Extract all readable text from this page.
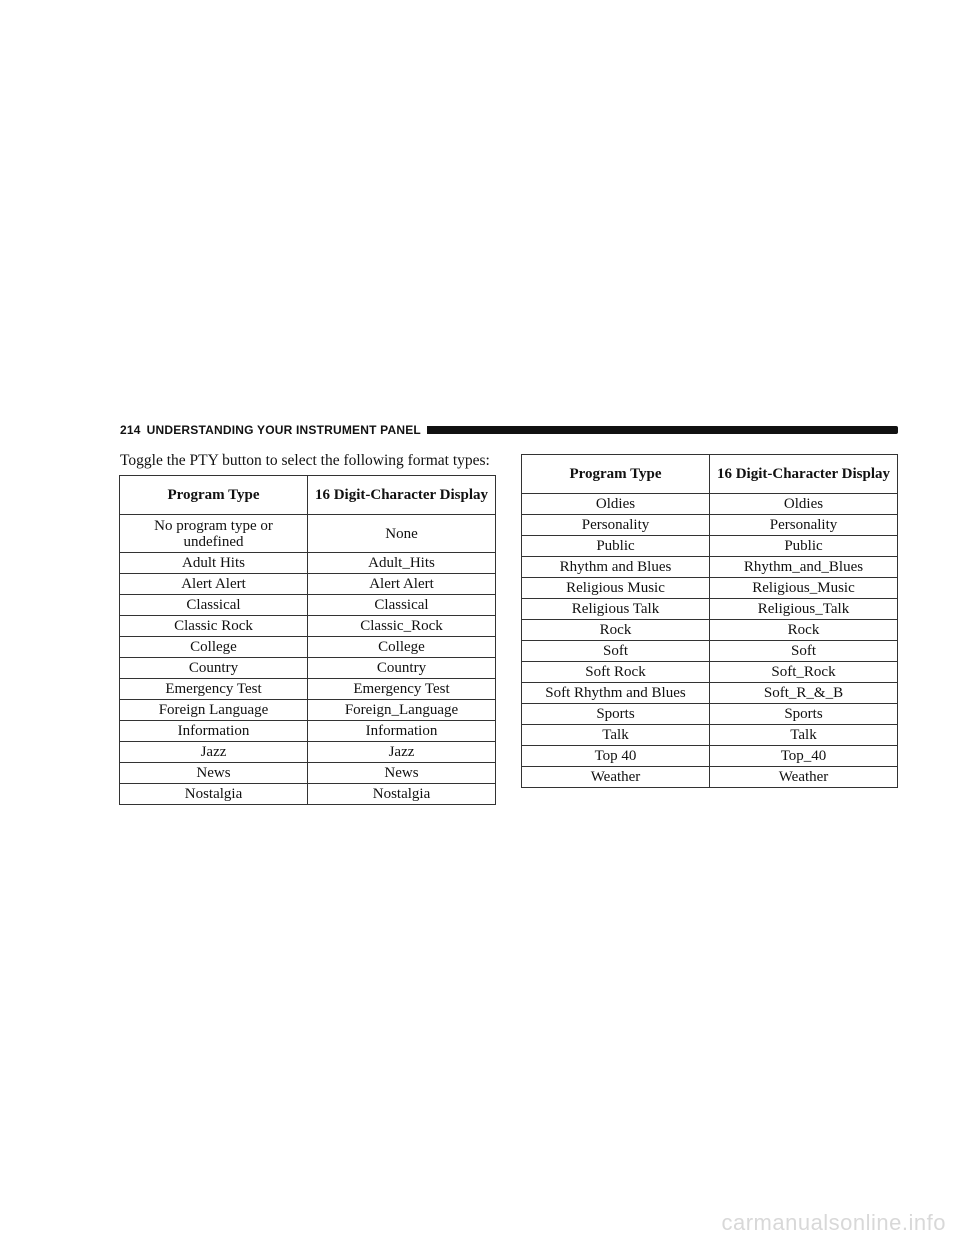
214 UNDERSTANDING YOUR INSTRUMENT PANEL
Toggle the PTY button to select the following format types:
Program Type	16 Digit-Character Display
No program type or undefined	None
Adult Hits	Adult_Hits
Alert Alert	Alert Alert
Classical	Classical
Classic Rock	Classic_Rock
College	College
Country	Country
Emergency Test	Emergency Test
Foreign Language	Foreign_Language
Information	Information
Jazz	Jazz
News	News
Nostalgia	Nostalgia
Program Type	16 Digit-Character Display
Oldies	Oldies
Personality	Personality
Public	Public
Rhythm and Blues	Rhythm_and_Blues
Religious Music	Religious_Music
Religious Talk	Religious_Talk
Rock	Rock
Soft	Soft
Soft Rock	Soft_Rock
Soft Rhythm and Blues	Soft_R_&_B
Sports	Sports
Talk	Talk
Top 40	Top_40
Weather	Weather
carmanualsonline.info
